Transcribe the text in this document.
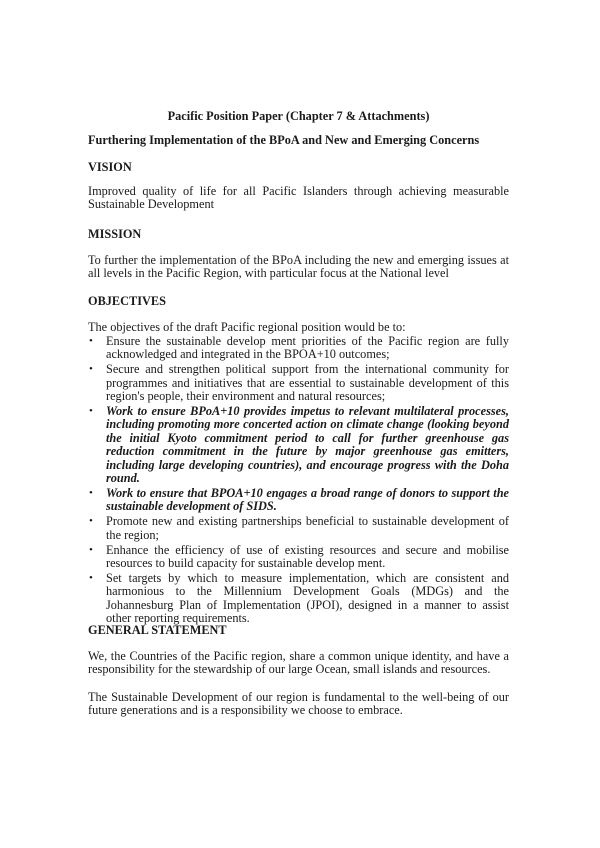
Pacific Position Paper (Chapter 7 & Attachments)
Furthering Implementation of the BPoA and New and Emerging Concerns
VISION
Improved quality of life for all Pacific Islanders through achieving measurable Sustainable Development
MISSION
To further the implementation of the BPoA including the new and emerging issues at all levels in the Pacific Region, with particular focus at the National level
OBJECTIVES
The objectives of the draft Pacific regional position would be to:
• Ensure the sustainable develop ment priorities of the Pacific region are fully acknowledged and integrated in the BPOA+10 outcomes;
• Secure and strengthen political support from the international community for programmes and initiatives that are essential to sustainable development of this region's people, their environment and natural resources;
• Work to ensure BPoA+10 provides impetus to relevant multilateral processes, including promoting more concerted action on climate change (looking beyond the initial Kyoto commitment period to call for further greenhouse gas reduction commitment in the future by major greenhouse gas emitters, including large developing countries), and encourage progress with the Doha round.
• Work to ensure that BPOA+10 engages a broad range of donors to support the sustainable development of SIDS.
• Promote new and existing partnerships beneficial to sustainable development of the region;
• Enhance the efficiency of use of existing resources and secure and mobilise resources to build capacity for sustainable develop ment.
• Set targets by which to measure implementation, which are consistent and harmonious to the Millennium Development Goals (MDGs) and the Johannesburg Plan of Implementation (JPOI), designed in a manner to assist other reporting requirements.
GENERAL STATEMENT
We, the Countries of the Pacific region, share a common unique identity, and have a responsibility for the stewardship of our large Ocean, small islands and resources.
The Sustainable Development of our region is fundamental to the well-being of our future generations and is a responsibility we choose to embrace.
